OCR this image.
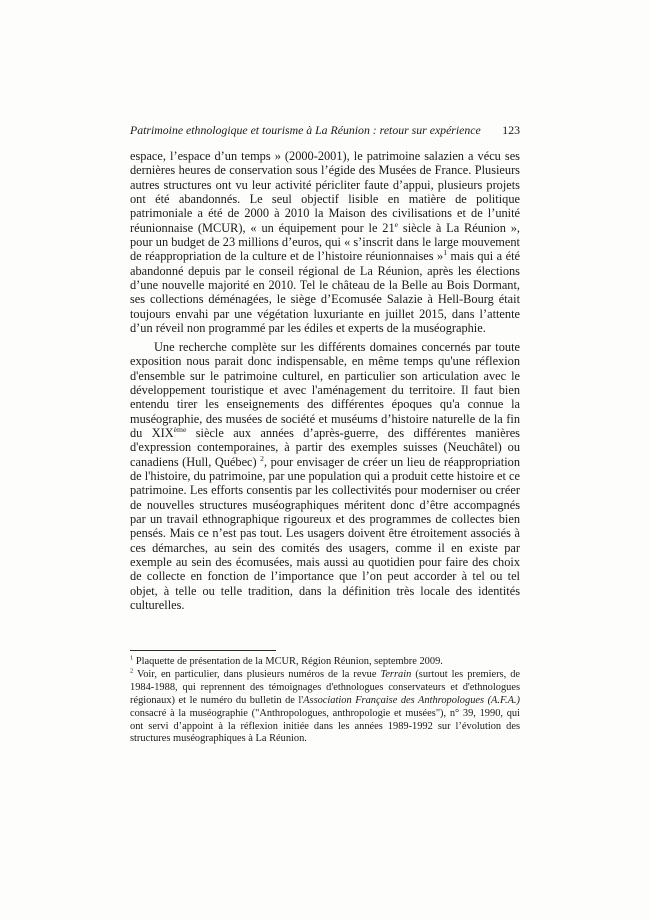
Patrimoine ethnologique et tourisme à La Réunion : retour sur expérience	123

espace, l’espace d’un temps » (2000-2001), le patrimoine salazien a vécu ses dernières heures de conservation sous l’égide des Musées de France. Plusieurs autres structures ont vu leur activité péricliter faute d’appui, plusieurs projets ont été abandonnés. Le seul objectif lisible en matière de politique patrimoniale a été de 2000 à 2010 la Maison des civilisations et de l’unité réunionnaise (MCUR), « un équipement pour le 21e siècle à La Réunion », pour un budget de 23 millions d’euros, qui « s’inscrit dans le large mouvement de réappropriation de la culture et de l’histoire réunionnaises »$^1$ mais qui a été abandonné depuis par le conseil régional de La Réunion, après les élections d’une nouvelle majorité en 2010. Tel le château de la Belle au Bois Dormant, ses collections déménagées, le siège d’Ecomusée Salazie à Hell-Bourg était toujours envahi par une végétation luxuriante en juillet 2015, dans l’attente d’un réveil non programmé par les édiles et experts de la muséographie.

Une recherche complète sur les différents domaines concernés par toute exposition nous parait donc indispensable, en même temps qu'une réflexion d'ensemble sur le patrimoine culturel, en particulier son articulation avec le développement touristique et avec l'aménagement du territoire. Il faut bien entendu tirer les enseignements des différentes époques qu'a connue la muséographie, des musées de société et muséums d’histoire naturelle de la fin du XIXème siècle aux années d’après-guerre, des différentes manières d'expression contemporaines, à partir des exemples suisses (Neuchâtel) ou canadiens (Hull, Québec) $^2$, pour envisager de créer un lieu de réappropriation de l'histoire, du patrimoine, par une population qui a produit cette histoire et ce patrimoine. Les efforts consentis par les collectivités pour moderniser ou créer de nouvelles structures muséographiques méritent donc d’être accompagnés par un travail ethnographique rigoureux et des programmes de collectes bien pensés. Mais ce n’est pas tout. Les usagers doivent être étroitement associés à ces démarches, au sein des comités des usagers, comme il en existe par exemple au sein des écomusées, mais aussi au quotidien pour faire des choix de collecte en fonction de l’importance que l’on peut accorder à tel ou tel objet, à telle ou telle tradition, dans la définition très locale des identités culturelles.

$^1$ Plaquette de présentation de la MCUR, Région Réunion, septembre 2009.

$^2$ Voir, en particulier, dans plusieurs numéros de la revue Terrain (surtout les premiers, de 1984-1988, qui reprennent des témoignages d'ethnologues conservateurs et d'ethnologues régionaux) et le numéro du bulletin de l'Association Française des Anthropologues (A.F.A.) consacré à la muséographie ("Anthropologues, anthropologie et musées"), n° 39, 1990, qui ont servi d’appoint à la réflexion initiée dans les années 1989-1992 sur l’évolution des structures muséographiques à La Réunion.
